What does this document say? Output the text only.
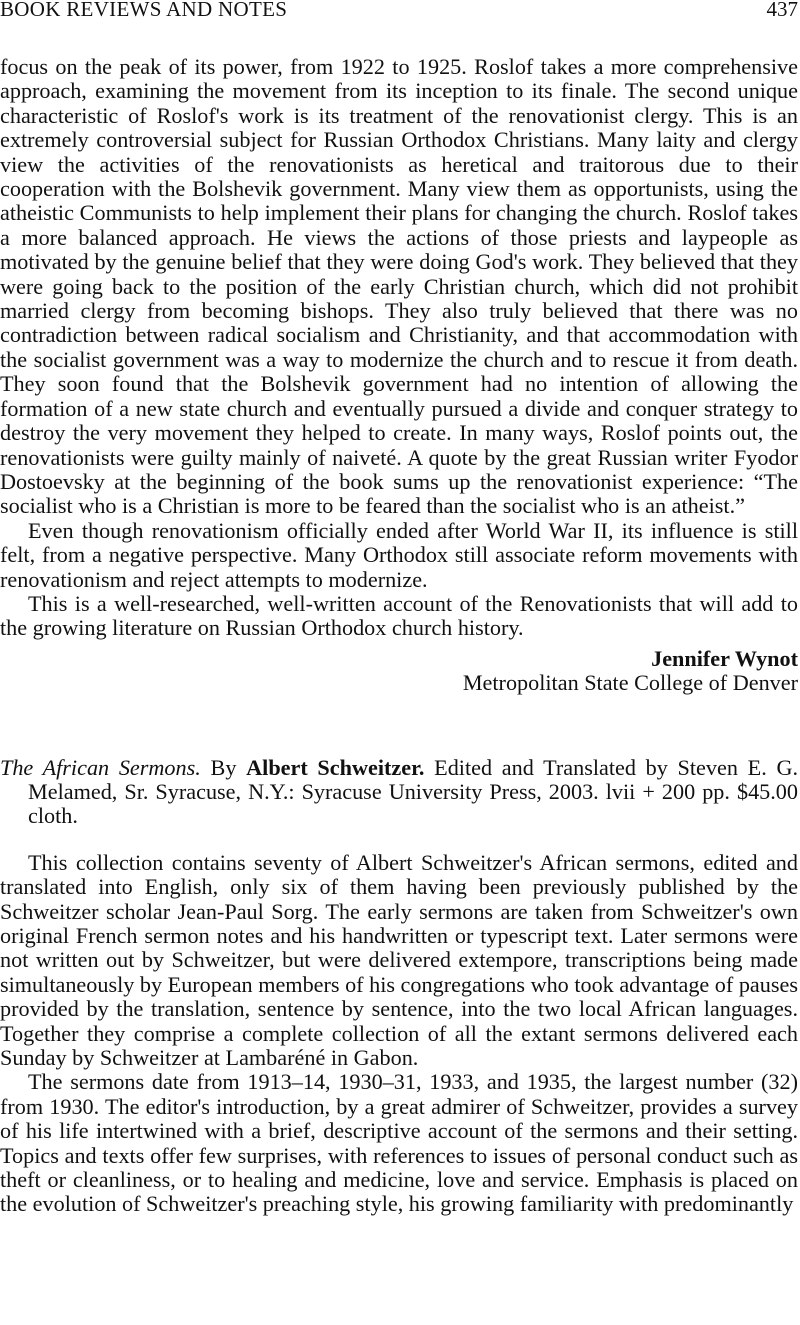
BOOK REVIEWS AND NOTES	437

focus on the peak of its power, from 1922 to 1925. Roslof takes a more comprehensive approach, examining the movement from its inception to its finale. The second unique characteristic of Roslof's work is its treatment of the renovationist clergy. This is an extremely controversial subject for Russian Orthodox Christians. Many laity and clergy view the activities of the renovationists as heretical and traitorous due to their cooperation with the Bolshevik government. Many view them as opportunists, using the atheistic Communists to help implement their plans for changing the church. Roslof takes a more balanced approach. He views the actions of those priests and laypeople as motivated by the genuine belief that they were doing God's work. They believed that they were going back to the position of the early Christian church, which did not prohibit married clergy from becoming bishops. They also truly believed that there was no contradiction between radical socialism and Christianity, and that accommodation with the socialist government was a way to modernize the church and to rescue it from death. They soon found that the Bolshevik government had no intention of allowing the formation of a new state church and eventually pursued a divide and conquer strategy to destroy the very movement they helped to create. In many ways, Roslof points out, the renovationists were guilty mainly of naiveté. A quote by the great Russian writer Fyodor Dostoevsky at the beginning of the book sums up the renovationist experience: “The socialist who is a Christian is more to be feared than the socialist who is an atheist.”

Even though renovationism officially ended after World War II, its influence is still felt, from a negative perspective. Many Orthodox still associate reform movements with renovationism and reject attempts to modernize.

This is a well-researched, well-written account of the Renovationists that will add to the growing literature on Russian Orthodox church history.

Jennifer Wynot
Metropolitan State College of Denver

The African Sermons. By Albert Schweitzer. Edited and Translated by Steven E. G. Melamed, Sr. Syracuse, N.Y.: Syracuse University Press, 2003. lvii + 200 pp. $45.00 cloth.

This collection contains seventy of Albert Schweitzer's African sermons, edited and translated into English, only six of them having been previously published by the Schweitzer scholar Jean-Paul Sorg. The early sermons are taken from Schweitzer's own original French sermon notes and his handwritten or typescript text. Later sermons were not written out by Schweitzer, but were delivered extempore, transcriptions being made simultaneously by European members of his congregations who took advantage of pauses provided by the translation, sentence by sentence, into the two local African languages. Together they comprise a complete collection of all the extant sermons delivered each Sunday by Schweitzer at Lambaréné in Gabon.

The sermons date from 1913–14, 1930–31, 1933, and 1935, the largest number (32) from 1930. The editor's introduction, by a great admirer of Schweitzer, provides a survey of his life intertwined with a brief, descriptive account of the sermons and their setting. Topics and texts offer few surprises, with references to issues of personal conduct such as theft or cleanliness, or to healing and medicine, love and service. Emphasis is placed on the evolution of Schweitzer's preaching style, his growing familiarity with predominantly
